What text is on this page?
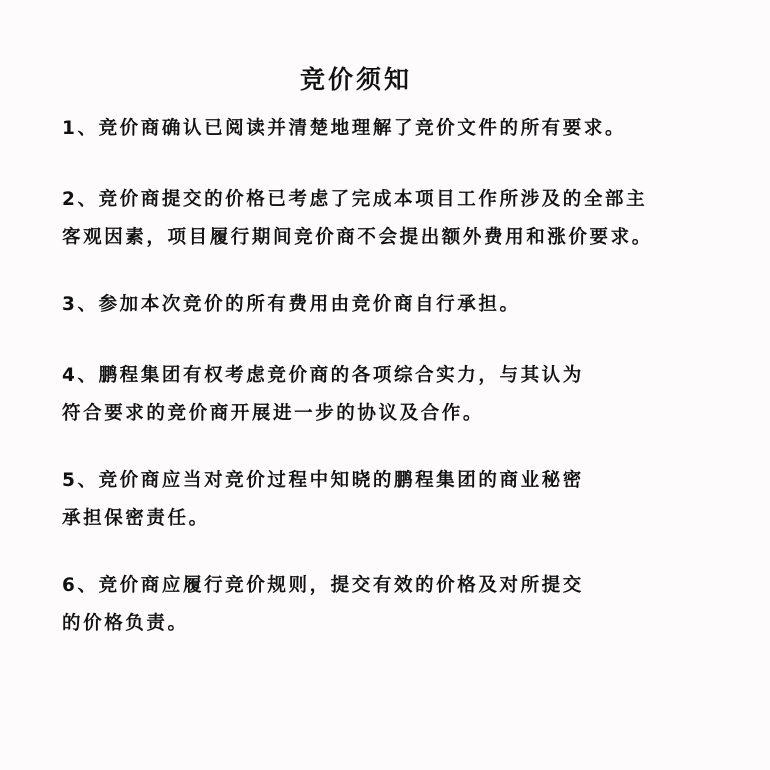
竞价须知
1、竞价商确认已阅读并清楚地理解了竞价文件的所有要求。
2、竞价商提交的价格已考虑了完成本项目工作所涉及的全部主
客观因素，项目履行期间竞价商不会提出额外费用和涨价要求。
3、参加本次竞价的所有费用由竞价商自行承担。
4、鹏程集团有权考虑竞价商的各项综合实力，与其认为
符合要求的竞价商开展进一步的协议及合作。
5、竞价商应当对竞价过程中知晓的鹏程集团的商业秘密
承担保密责任。
6、竞价商应履行竞价规则，提交有效的价格及对所提交
的价格负责。
